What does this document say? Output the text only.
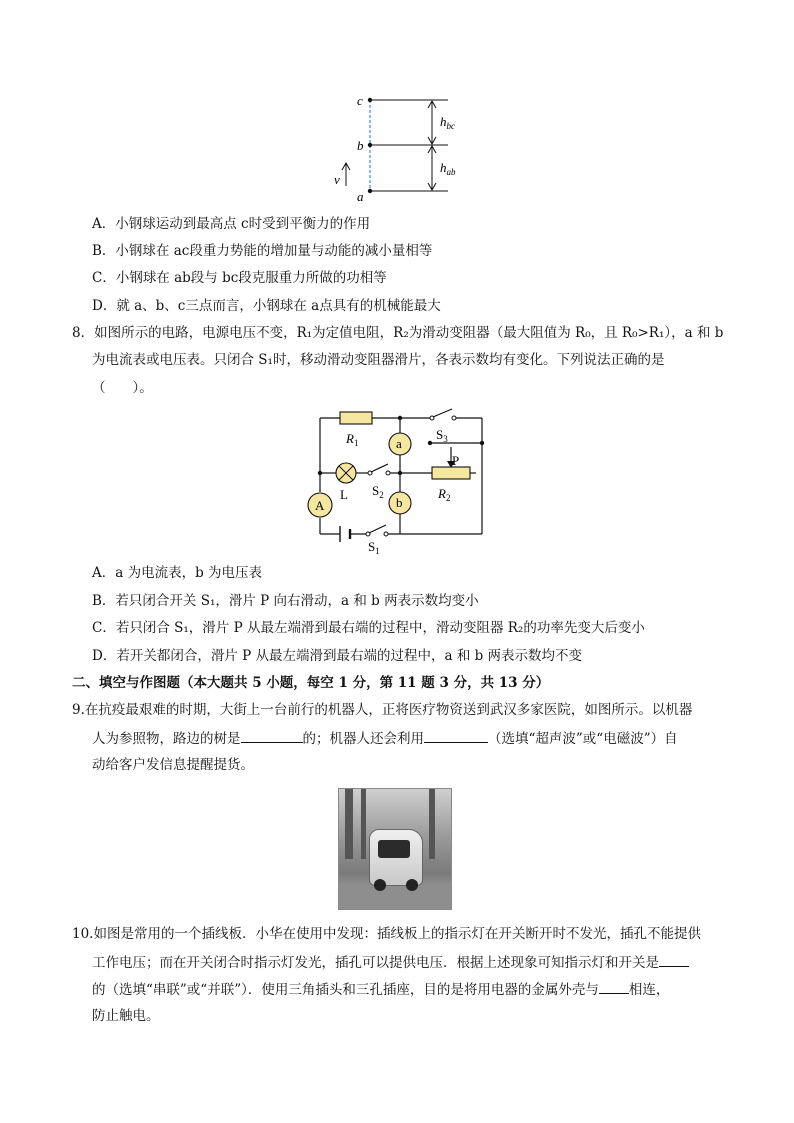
c
b
a
v
$h_{bc}$
$h_{ab}$
A．小钢球运动到最高点 c时受到平衡力的作用
B．小钢球在 ac段重力势能的增加量与动能的减小量相等
C．小钢球在 ab段与 bc段克服重力所做的功相等
D．就 a、b、c三点而言，小钢球在 a点具有的机械能最大
8．如图所示的电路，电源电压不变，R₁为定值电阻，R₂为滑动变阻器（最大阻值为 R₀，且 R₀>R₁），a 和 b
为电流表或电压表。只闭合 S₁时，移动滑动变阻器滑片，各表示数均有变化。下列说法正确的是
（　　）。
a
b
A
L
P
$R_1$
$R_2$
$S_3$
$S_2$
$S_1$
A．a 为电流表，b 为电压表
B．若只闭合开关 S₁，滑片 P 向右滑动，a 和 b 两表示数均变小
C．若只闭合 S₁，滑片 P 从最左端滑到最右端的过程中，滑动变阻器 R₂的功率先变大后变小
D．若开关都闭合，滑片 P 从最左端滑到最右端的过程中，a 和 b 两表示数均不变
二、填空与作图题（本大题共 5 小题，每空 1 分，第 11 题 3 分，共 13 分）
9.在抗疫最艰难的时期，大街上一台前行的机器人，正将医疗物资送到武汉多家医院，如图所示。以机器
人为参照物，路边的树是	的；机器人还会利用	（选填“超声波”或“电磁波”）自
动给客户发信息提醒提货。
10.如图是常用的一个插线板．小华在使用中发现：插线板上的指示灯在开关断开时不发光，插孔不能提供
工作电压；而在开关闭合时指示灯发光，插孔可以提供电压．根据上述现象可知指示灯和开关是
的（选填“串联”或“并联”）．使用三角插头和三孔插座，目的是将用电器的金属外壳与 相连，
防止触电。
